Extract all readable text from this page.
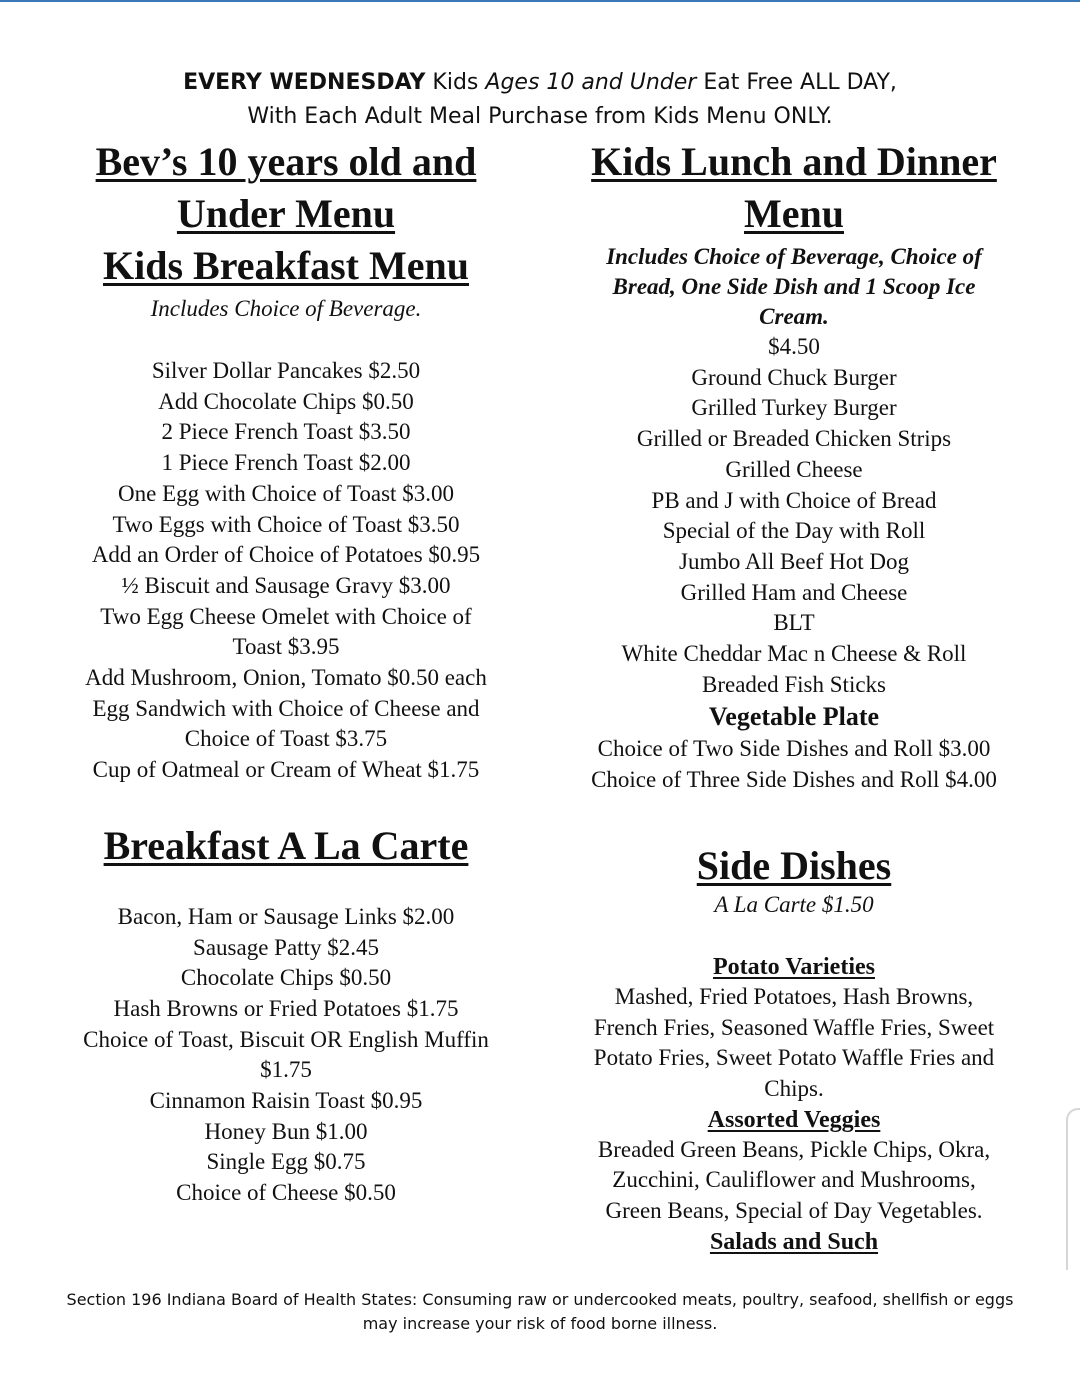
EVERY WEDNESDAY Kids Ages 10 and Under Eat Free ALL DAY,
With Each Adult Meal Purchase from Kids Menu ONLY.

Bev’s 10 years old and

Under Menu

Kids Breakfast Menu

Includes Choice of Beverage.

Silver Dollar Pancakes $2.50

Add Chocolate Chips $0.50

2 Piece French Toast $3.50

1 Piece French Toast $2.00

One Egg with Choice of Toast $3.00

Two Eggs with Choice of Toast $3.50

Add an Order of Choice of Potatoes $0.95

½ Biscuit and Sausage Gravy $3.00

Two Egg Cheese Omelet with Choice of

Toast $3.95

Add Mushroom, Onion, Tomato $0.50 each

Egg Sandwich with Choice of Cheese and

Choice of Toast $3.75

Cup of Oatmeal or Cream of Wheat $1.75

Breakfast A La Carte

Bacon, Ham or Sausage Links $2.00

Sausage Patty $2.45

Chocolate Chips $0.50

Hash Browns or Fried Potatoes $1.75

Choice of Toast, Biscuit OR English Muffin

$1.75

Cinnamon Raisin Toast $0.95

Honey Bun $1.00

Single Egg $0.75

Choice of Cheese $0.50

Kids Lunch and Dinner

Menu

Includes Choice of Beverage, Choice of

Bread, One Side Dish and 1 Scoop Ice

Cream.

$4.50

Ground Chuck Burger

Grilled Turkey Burger

Grilled or Breaded Chicken Strips

Grilled Cheese

PB and J with Choice of Bread

Special of the Day with Roll

Jumbo All Beef Hot Dog

Grilled Ham and Cheese

BLT

White Cheddar Mac n Cheese & Roll

Breaded Fish Sticks

Vegetable Plate

Choice of Two Side Dishes and Roll $3.00

Choice of Three Side Dishes and Roll $4.00

Side Dishes

A La Carte $1.50

Potato Varieties

Mashed, Fried Potatoes, Hash Browns,

French Fries, Seasoned Waffle Fries, Sweet

Potato Fries, Sweet Potato Waffle Fries and

Chips.

Assorted Veggies

Breaded Green Beans, Pickle Chips, Okra,

Zucchini, Cauliflower and Mushrooms,

Green Beans, Special of Day Vegetables.

Salads and Such

Section 196 Indiana Board of Health States: Consuming raw or undercooked meats, poultry, seafood, shellfish or eggs
may increase your risk of food borne illness.
